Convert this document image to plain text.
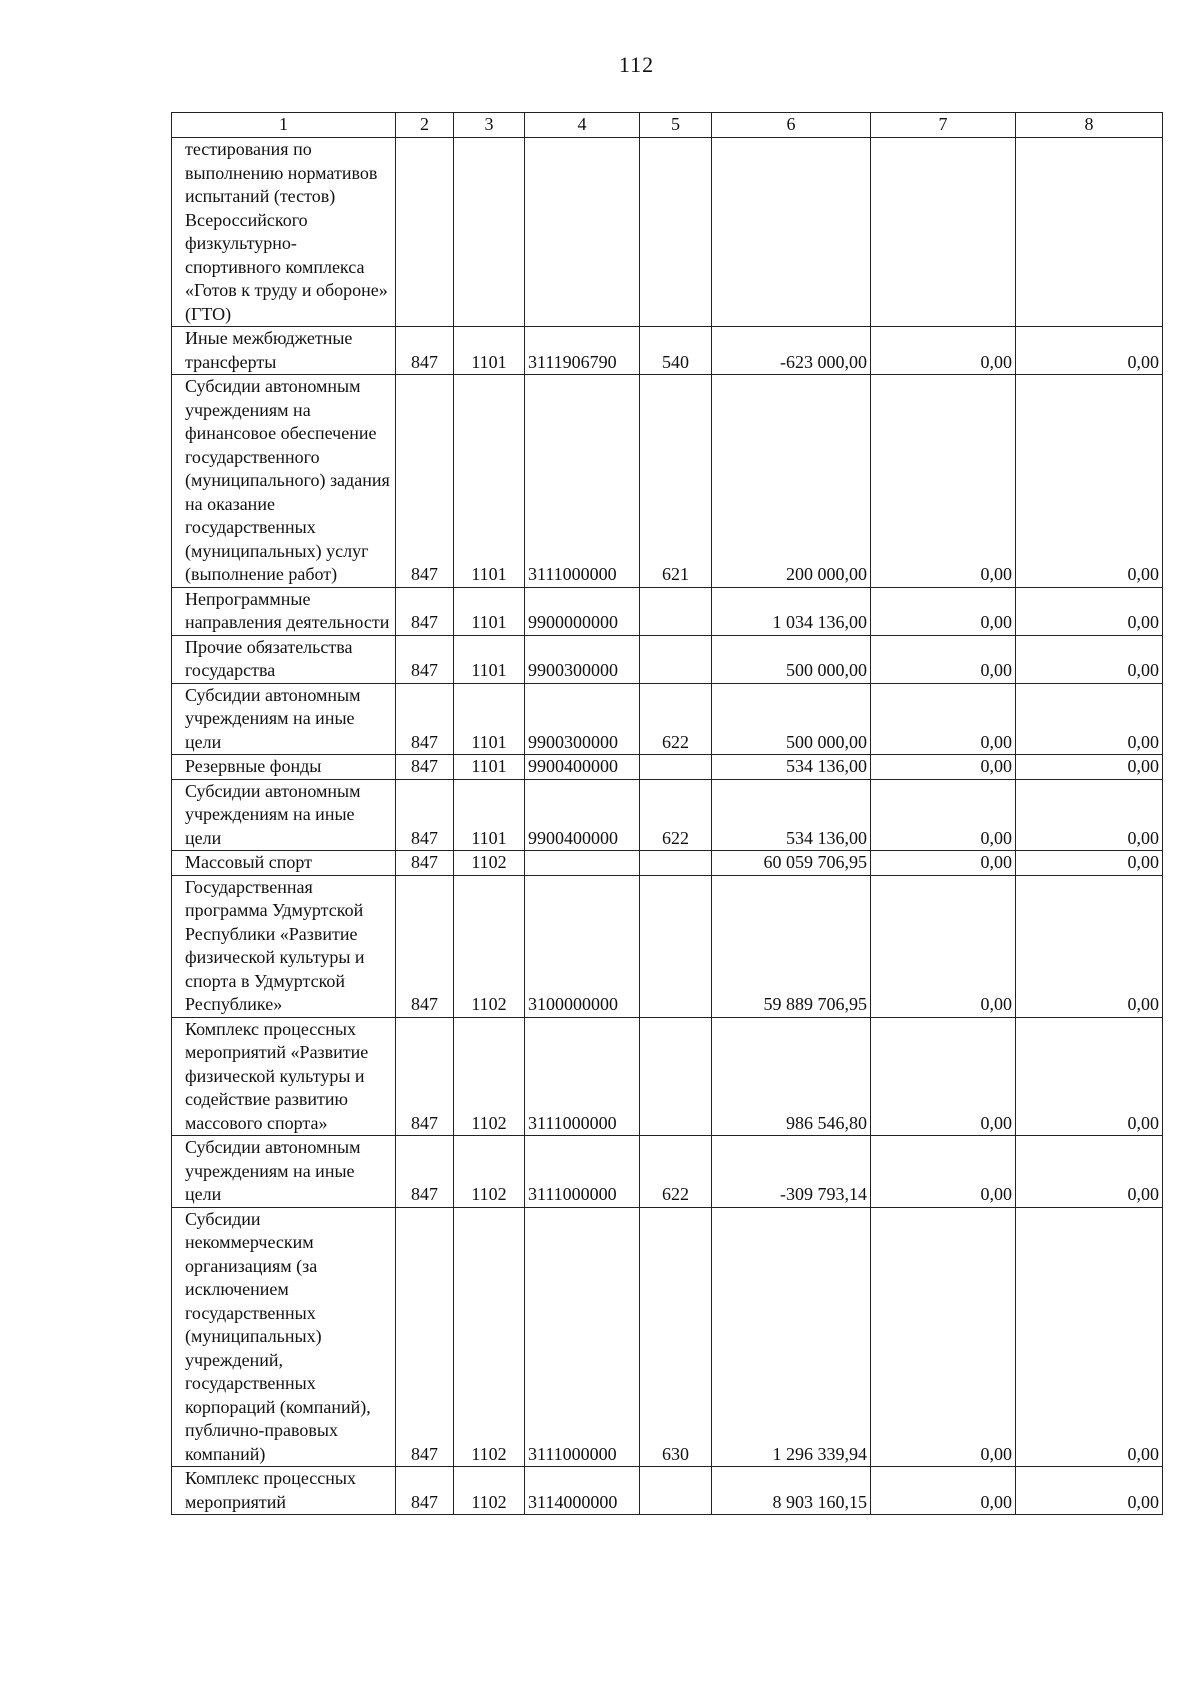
112
1	2	3	4	5	6	7	8
тестирования по выполнению нормативов испытаний (тестов) Всероссийского физкультурно-спортивного комплекса «Готов к труду и обороне» (ГТО)							
Иные межбюджетные трансферты	847	1101	3111906790	540	-623 000,00	0,00	0,00
Субсидии автономным учреждениям на финансовое обеспечение государственного (муниципального) задания на оказание государственных (муниципальных) услуг (выполнение работ)	847	1101	3111000000	621	200 000,00	0,00	0,00
Непрограммные направления деятельности	847	1101	9900000000		1 034 136,00	0,00	0,00
Прочие обязательства государства	847	1101	9900300000		500 000,00	0,00	0,00
Субсидии автономным учреждениям на иные цели	847	1101	9900300000	622	500 000,00	0,00	0,00
Резервные фонды	847	1101	9900400000		534 136,00	0,00	0,00
Субсидии автономным учреждениям на иные цели	847	1101	9900400000	622	534 136,00	0,00	0,00
Массовый спорт	847	1102			60 059 706,95	0,00	0,00
Государственная программа Удмуртской Республики «Развитие физической культуры и спорта в Удмуртской Республике»	847	1102	3100000000		59 889 706,95	0,00	0,00
Комплекс процессных мероприятий «Развитие физической культуры и содействие развитию массового спорта»	847	1102	3111000000		986 546,80	0,00	0,00
Субсидии автономным учреждениям на иные цели	847	1102	3111000000	622	-309 793,14	0,00	0,00
Субсидии некоммерческим организациям (за исключением государственных (муниципальных) учреждений, государственных корпораций (компаний), публично-правовых компаний)	847	1102	3111000000	630	1 296 339,94	0,00	0,00
Комплекс процессных мероприятий	847	1102	3114000000		8 903 160,15	0,00	0,00
